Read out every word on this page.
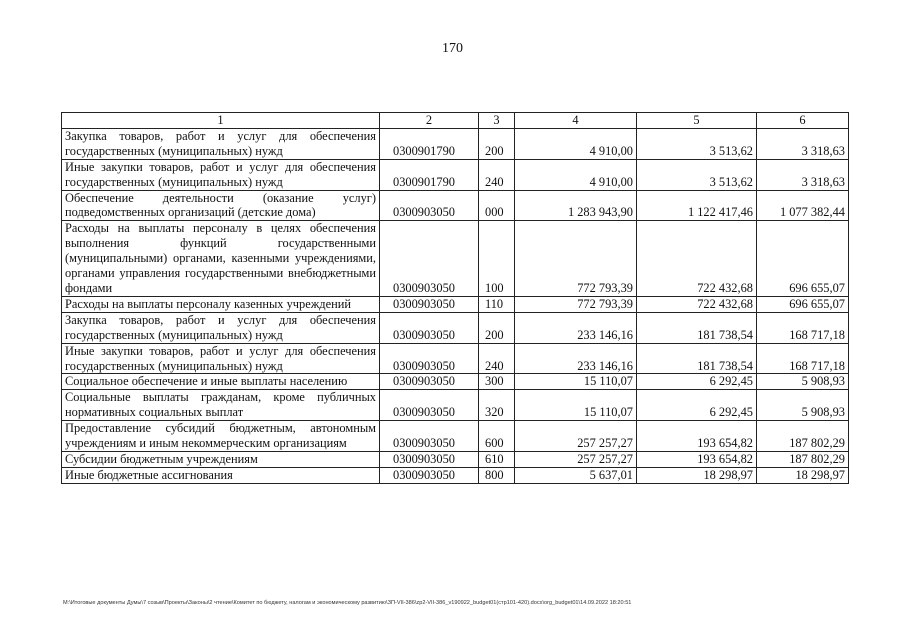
170
1	2	3	4	5	6
Закупка товаров, работ и услуг для обеспечения государственных (муниципальных) нужд	0300901790	200	4 910,00	3 513,62	3 318,63
Иные закупки товаров, работ и услуг для обеспечения государственных (муниципальных) нужд	0300901790	240	4 910,00	3 513,62	3 318,63
Обеспечение деятельности (оказание услуг) подведомственных организаций (детские дома)	0300903050	000	1 283 943,90	1 122 417,46	1 077 382,44
Расходы на выплаты персоналу в целях обеспечения выполнения функций государственными (муниципальными) органами, казенными учреждениями, органами управления государственными внебюджетными фондами	0300903050	100	772 793,39	722 432,68	696 655,07
Расходы на выплаты персоналу казенных учреждений	0300903050	110	772 793,39	722 432,68	696 655,07
Закупка товаров, работ и услуг для обеспечения государственных (муниципальных) нужд	0300903050	200	233 146,16	181 738,54	168 717,18
Иные закупки товаров, работ и услуг для обеспечения государственных (муниципальных) нужд	0300903050	240	233 146,16	181 738,54	168 717,18
Социальное обеспечение и иные выплаты населению	0300903050	300	15 110,07	6 292,45	5 908,93
Социальные выплаты гражданам, кроме публичных нормативных социальных выплат	0300903050	320	15 110,07	6 292,45	5 908,93
Предоставление субсидий бюджетным, автономным учреждениям и иным некоммерческим организациям	0300903050	600	257 257,27	193 654,82	187 802,29
Субсидии бюджетным учреждениям	0300903050	610	257 257,27	193 654,82	187 802,29
Иные бюджетные ассигнования	0300903050	800	5 637,01	18 298,97	18 298,97
M:\Итоговые документы Думы\7 созыв\Проекты\Законы\2 чтение\Комитет по бюджету, налогам и экономическому развитию\ЗП-VII-386\zp2-VII-386_v190922_budget01(стр101-420).docx\org_budget01\14.09.2022 18:20:51
